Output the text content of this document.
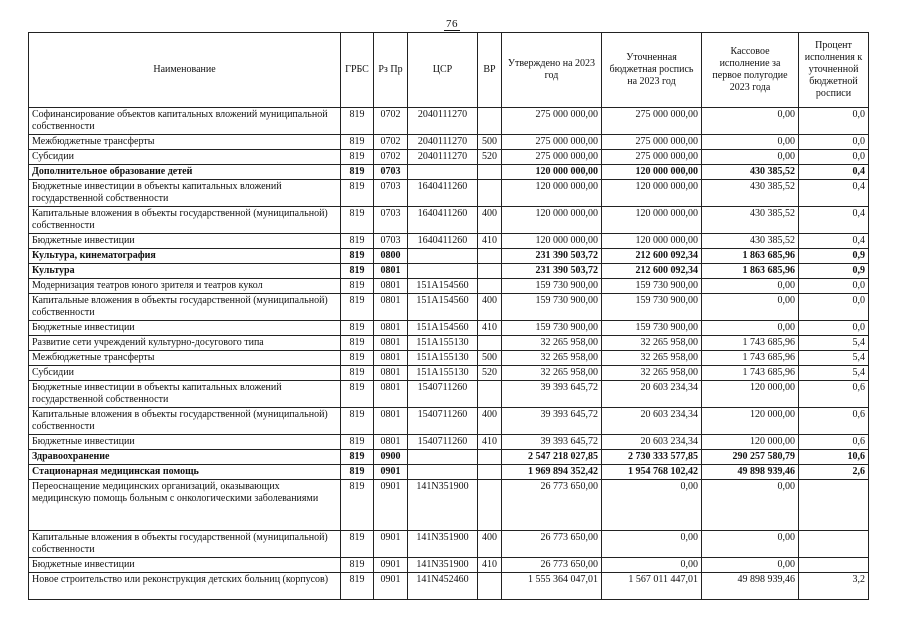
76
Наименование	ГРБС	Рз Пр	ЦСР	ВР	Утверждено на 2023 год	Уточненная бюджетная роспись на 2023 год	Кассовое исполнение за первое полугодие 2023 года	Процент исполнения к уточненной бюджетной росписи
Софинансирование объектов капитальных вложений муниципальной собственности	819	0702	2040111270		275 000 000,00	275 000 000,00	0,00	0,0
Межбюджетные трансферты	819	0702	2040111270	500	275 000 000,00	275 000 000,00	0,00	0,0
Субсидии	819	0702	2040111270	520	275 000 000,00	275 000 000,00	0,00	0,0
Дополнительное образование детей	819	0703			120 000 000,00	120 000 000,00	430 385,52	0,4
Бюджетные инвестиции в объекты капитальных вложений государственной собственности	819	0703	1640411260		120 000 000,00	120 000 000,00	430 385,52	0,4
Капитальные вложения в объекты государственной (муниципальной) собственности	819	0703	1640411260	400	120 000 000,00	120 000 000,00	430 385,52	0,4
Бюджетные инвестиции	819	0703	1640411260	410	120 000 000,00	120 000 000,00	430 385,52	0,4
Культура, кинематография	819	0800			231 390 503,72	212 600 092,34	1 863 685,96	0,9
Культура	819	0801			231 390 503,72	212 600 092,34	1 863 685,96	0,9
Модернизация театров юного зрителя и театров кукол	819	0801	151A154560		159 730 900,00	159 730 900,00	0,00	0,0
Капитальные вложения в объекты государственной (муниципальной) собственности	819	0801	151A154560	400	159 730 900,00	159 730 900,00	0,00	0,0
Бюджетные инвестиции	819	0801	151A154560	410	159 730 900,00	159 730 900,00	0,00	0,0
Развитие сети учреждений культурно-досугового типа	819	0801	151A155130		32 265 958,00	32 265 958,00	1 743 685,96	5,4
Межбюджетные трансферты	819	0801	151A155130	500	32 265 958,00	32 265 958,00	1 743 685,96	5,4
Субсидии	819	0801	151A155130	520	32 265 958,00	32 265 958,00	1 743 685,96	5,4
Бюджетные инвестиции в объекты капитальных вложений государственной собственности	819	0801	1540711260		39 393 645,72	20 603 234,34	120 000,00	0,6
Капитальные вложения в объекты государственной (муниципальной) собственности	819	0801	1540711260	400	39 393 645,72	20 603 234,34	120 000,00	0,6
Бюджетные инвестиции	819	0801	1540711260	410	39 393 645,72	20 603 234,34	120 000,00	0,6
Здравоохранение	819	0900			2 547 218 027,85	2 730 333 577,85	290 257 580,79	10,6
Стационарная медицинская помощь	819	0901			1 969 894 352,42	1 954 768 102,42	49 898 939,46	2,6
Переоснащение медицинских организаций, оказывающих медицинскую помощь больным с онкологическими заболеваниями	819	0901	141N351900		26 773 650,00	0,00	0,00	
Капитальные вложения в объекты государственной (муниципальной) собственности	819	0901	141N351900	400	26 773 650,00	0,00	0,00	
Бюджетные инвестиции	819	0901	141N351900	410	26 773 650,00	0,00	0,00	
Новое строительство или реконструкция детских больниц (корпусов)	819	0901	141N452460		1 555 364 047,01	1 567 011 447,01	49 898 939,46	3,2
